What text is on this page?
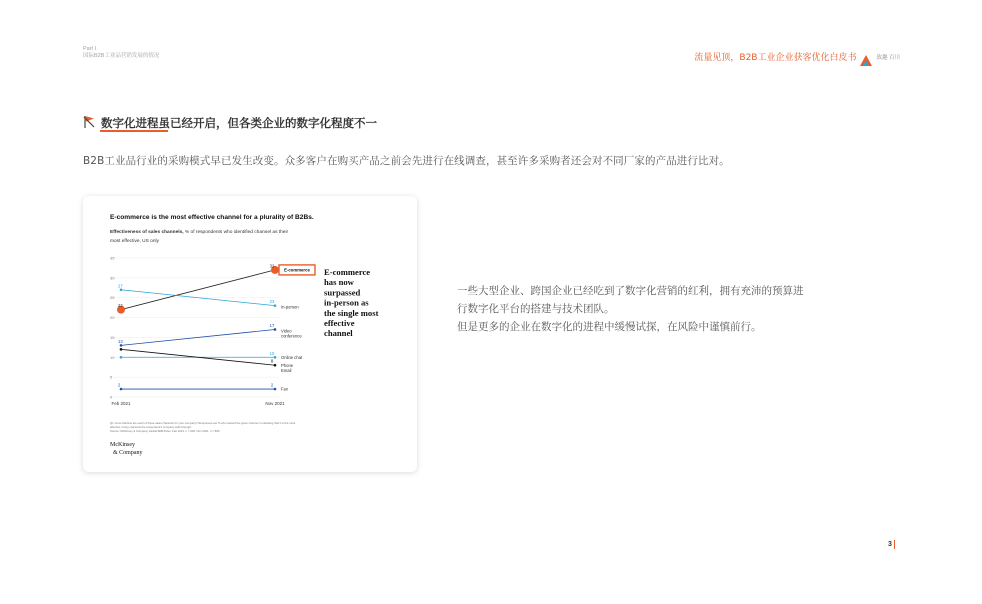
Part I
国际B2B工业品营销发展的情况	流量见顶，B2B工业企业获客优化白皮书	致趣 百川
数字化进程虽已经开启，但各类企业的数字化程度不一
B2B工业品行业的采购模式早已发生改变。众多客户在购买产品之前会先进行在线调查，甚至许多采购者还会对不同厂家的产品进行比对。
E-commerce is the most effective channel for a plurality of B2Bs.
Effectiveness of sales channels, % of respondents who identified channel as their
most effective, US only
0
5
10
15
20
25
30
35
Feb 2021	Nov 2021
22
32
27
23
13
17
10
8
2	2
E-commerce
In-person
Video
conference
Online chat
Phone
Email
Fax
E-commerce
has now
surpassed
in-person as
the single most
effective
channel
Q1: How effective are each of these sales channels for your company? Responses are % who ranked the given channel 1 indicating that it is the most
effective of any channels the respondent's company sells through.
Source: McKinsey & Company Global B2B Pulse, Feb 2021, n = 940; Nov 2021, n = 800
McKinsey
& Company

一些大型企业、跨国企业已经吃到了数字化营销的红利，拥有充沛的预算进

行数字化平台的搭建与技术团队。

但是更多的企业在数字化的进程中缓慢试探，在风险中谨慎前行。

3
